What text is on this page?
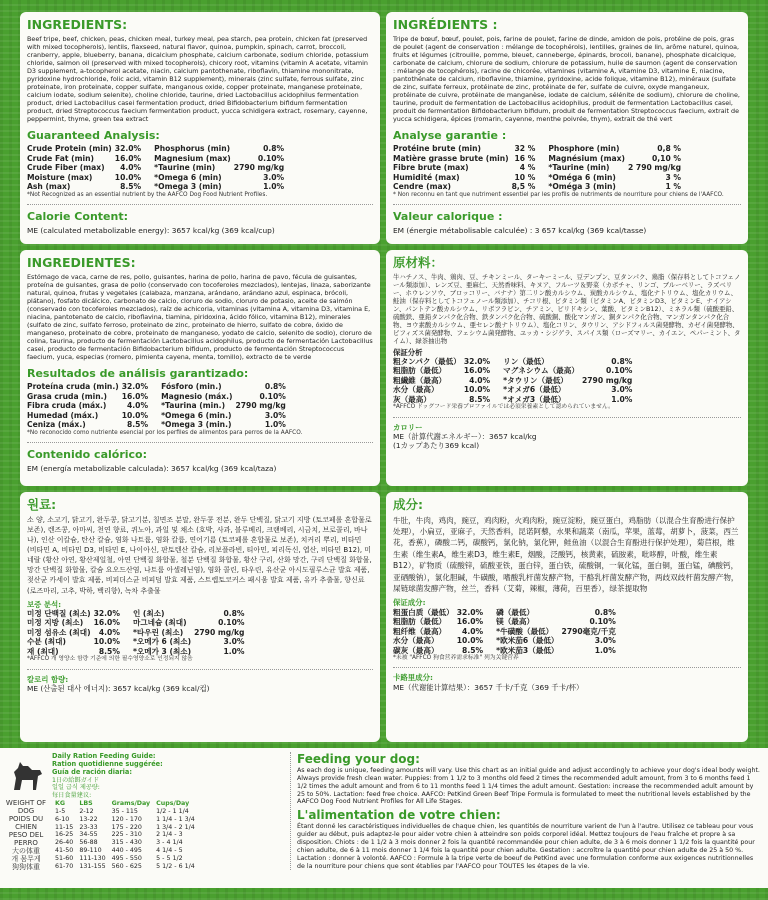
INGREDIENTS:
Beef tripe, beef, chicken, peas, chicken meal, turkey meal, pea starch, pea protein, chicken fat (preserved with mixed tocopherols), lentils, flaxseed, natural flavor, quinoa, pumpkin, spinach, carrot, broccoli, cranberry, apple, blueberry, banana, dicalcium phosphate, calcium carbonate, sodium chloride, potassium chloride, salmon oil (preserved with mixed tocopherols), chicory root, vitamins (vitamin A acetate, vitamin D3 supplement, a-tocopherol acetate, niacin, calcium pantothenate, riboflavin, thiamine mononitrate, pyridoxine hydrochloride, folic acid, vitamin B12 supplement), minerals (zinc sulfate, ferrous sulfate, zinc proteinate, iron proteinate, copper sulfate, manganous oxide, copper proteinate, manganese proteinate, calcium iodate, sodium selenite), choline chloride, taurine, dried Lactobacillus acidophilus fermentation product, dried Lactobacillus casei fermentation product, dried Bifidobacterium bifidum fermentation product, dried Streptococcus faecium fermentation product, yucca schidigera extract, rosemary, cayenne, peppermint, thyme, green tea extract
Guaranteed Analysis:
Crude Protein (min)	32.0%
Crude Fat (min)	16.0%
Crude Fiber (max)	4.0%
Moisture (max)	10.0%
Ash (max)	8.5%
Phosphorus (min)	0.8%
Magnesium (max)	0.10%
*Taurine (min)	2790 mg/kg
*Omega 6 (min)	3.0%
*Omega 3 (min)	1.0%
*Not Recognized as an essential nutrient by the AAFCO Dog Food Nutrient Profiles.
Calorie Content:
ME (calculated metabolizable energy): 3657 kcal/kg (369 kcal/cup)
INGRÉDIENTS :
Tripe de bœuf, bœuf, poulet, pois, farine de poulet, farine de dinde, amidon de pois, protéine de pois, gras de poulet (agent de conservation : mélange de tocophérols), lentilles, graines de lin, arôme naturel, quinoa, fruits et légumes (citrouille, pomme, bleuet, canneberge, épinards, brocoli, banane), phosphate dicalcique, carbonate de calcium, chlorure de sodium, chlorure de potassium, huile de saumon (agent de conservation : mélange de tocophérols), racine de chicorée, vitamines (vitamine A, vitamine D3, vitamine E, niacine, pantothénate de calcium, riboflavine, thiamine, pyridoxine, acide folique, vitamine B12), minéraux (sulfate de zinc, sulfate ferreux, protéinate de zinc, protéinate de fer, sulfate de cuivre, oxyde manganeux, protéinate de cuivre, protéinate de manganèse, iodate de calcium, sélénite de sodium), chlorure de choline, taurine, produit de fermentation de Lactobacillus acidophilus, produit de fermentation Lactobacillus casei, produit de fermentation Bifidobacterium bifidum, produit de fermentation Streptococcus faecium, extrait de yucca schidigera, épices (romarin, cayenne, menthe poivrée, thym), extrait de thé vert
Analyse garantie :
Protéine brute (min)	32 %
Matière grasse brute (min)	16 %
Fibre brute (max)	4 %
Humidité (max)	10 %
Cendre (max)	8,5 %
Phosphore (min)	0,8 %
Magnésium (max)	0,10 %
*Taurine (min)	2 790 mg/kg
*Oméga 6 (min)	3 %
*Oméga 3 (min)	1 %
* Non reconnu en tant que nutriment essentiel par les profils de nutriments de nourriture pour chiens de l'AAFCO.
Valeur calorique :
EM (énergie métabolisable calculée) : 3 657 kcal/kg (369 kcal/tasse)
INGREDIENTES:
Estómago de vaca, carne de res, pollo, guisantes, harina de pollo, harina de pavo, fécula de guisantes, proteína de guisantes, grasa de pollo (conservado con tocoferoles mezclados), lentejas, linaza, saborizante natural, quinoa, frutas y vegetales (calabaza, manzana, arándano, arándano azul, espinaca, brócoli, plátano), fosfato dicálcico, carbonato de calcio, cloruro de sodio, cloruro de potasio, aceite de salmón (conservado con tocoferoles mezclados), raíz de achicoria, vitaminas (vitamina A, vitamina D3, vitamina E, niacina, pantotenato de calcio, riboflavina, tiamina, piridoxina, ácido fólico, vitamina B12), minerales (sulfato de zinc, sulfato ferroso, proteinato de zinc, proteinato de hierro, sulfato de cobre, óxido de manganeso, proteinato de cobre, proteinato de manganeso, yodato de calcio, selenito de sodio), cloruro de colina, taurina, producto de fermentación Lactobacillus acidophilus, producto de fermentación Lactobacillus casei, producto de fermentación Bifidobacterium bifidum, producto de fermentación Streptococcus faecium, yuca, especias (romero, pimienta cayena, menta, tomillo), extracto de te verde
Resultados de análisis garantizado:
Proteína cruda (min.)	32.0%
Grasa cruda (min.)	16.0%
Fibra cruda (máx.)	4.0%
Humedad (máx.)	10.0%
Ceniza (máx.)	8.5%
Fósforo (min.)	0.8%
Magnesio (máx.)	0.10%
*Taurina (min.)	2790 mg/kg
*Omega 6 (min.)	3.0%
*Omega 3 (min.)	1.0%
*No reconocido como nutriente esencial por los perfiles de alimentos para perros de la AAFCO.
Contenido calórico:
EM (energía metabolizable calculada): 3657 kcal/kg (369 kcal/taza)
原材料：
牛ハチノス、牛肉、鶏肉、豆、チキンミール、ターキーミール、豆デンプン、豆タンパク、鶏脂（保存料としてトコフェノール類添加）、レンズ豆、亜麻仁、天然香味料、キヌア、フルーツ＆野菜（カボチャ、リンゴ、ブルーベリー、ラズベリー、ホウレンソウ、ブロッコリー、バナナ）第二リン酸カルシウム、炭酸カルシウム、塩化ナトリウム、塩化カリウム、鮭油（保存料としてトコフェノール類添加）、チコリ根、ビタミン類（ビタミンA、ビタミンD3、ビタミンE、ナイアシン、パントテン酸カルシウム、リボフラビン、チアミン、ピリドキシン、葉酸、ビタミンB12）、ミネラル類（硫酸亜鉛、硫酸鉄、亜鉛タンパク化合物、鉄タンパク化合物、硫酸銅、酸化マンガン、銅タンパク化合物、マンガンタンパク化合物、ヨウ素酸カルシウム、亜セレン酸ナトリウム）、塩化コリン、タウリン、アシドフィルス菌発酵物、カゼイ菌発酵物、ビフィズス菌発酵物、フェシウム菌発酵物、ユッカ・シジゲラ、スパイス類（ローズマリー、カイエン、ペパーミント、タイム）、緑茶抽出物
保証分析
粗タンパク（最低）	32.0%
粗脂肪（最低）	16.0%
粗繊維（最高）	4.0%
水分（最高）	10.0%
灰（最高）	8.5%
リン（最低）	0.8%
マグネシウム（最高）	0.10%
*タウリン（最低）	2790 mg/kg
*オメガ6（最低）	3.0%
*オメガ3（最低）	1.0%
*AFFCO ドッグフード栄養プロファイルでは必須栄養素として認められていません。
カロリー
ME（計算代謝エネルギー）：3657 kcal/kg
(1カップあたり369 kcal)
원료:
소 양, 소고기, 닭고기, 완두콩, 닭고기분, 칠면조 분말, 완두콩 전분, 완두 단백질, 닭고기 지방 (토코페롤 혼합물로 보존), 렌즈콩, 아마씨, 천연 향료, 퀴노아, 과일 및 채소 (호박, 사과, 블루베리, 크랜베리, 시금치, 브로콜리, 바나나), 인산 이칼슘, 탄산 칼슘, 염화 나트륨, 염화 칼륨, 연어기름 (토코페롤 혼합물로 보존), 치커리 뿌리, 비타민 (비타민 A, 비타민 D3, 비타민 E, 나이아신, 판토텐산 칼슘, 리보플라빈, 티아민, 피리독신, 엽산, 비타민 B12), 미네랄 (황산 아연, 황산제일철, 아연 단백질 화합물, 철분 단백질 화합물, 황산 구리, 산화 망간, 구리 단백질 화합물, 망간 단백질 화합물, 칼슘 요오드산염, 나트륨 아셀레닌염), 염화 콜린, 타우린, 유산균 아시도필루스균 발효 제품, 젖산균 카세이 발효 제품, 비피더스균 비피덤 발효 제품, 스트렙토코커스 패시움 발효 제품, 유카 추출물, 향신료 (로즈마리, 고추, 박하, 백리향), 녹차 추출물
보증 분석:
미정 단백질 (최소)	32.0%
미정 지방 (최소)	16.0%
미정 섬유소 (최대)	4.0%
수분 (최대)	10.0%
재 (최대)	8.5%
인 (최소)	0.8%
마그네슘 (최대)	0.10%
*타우린 (최소)	2790 mg/kg
*오메가 6 (최소)	3.0%
*오메가 3 (최소)	1.0%
*AFFCO 개 영양소 함량 기준에 의한 필수영양소로 인정되지 않음
칼로리 함량:
ME (산출된 대사 에너지): 3657 kcal/kg (369 kcal/컵)
成分:
牛肚，牛肉，鸡肉，豌豆，鸡肉粉，火鸡肉粉，豌豆淀粉，豌豆蛋白，鸡脂肪（以混合生育酚进行保护处理），小扁豆，亚麻子，天然香料，昆诺阿藜，水果和蔬菜（南瓜，苹果，蓝莓，胡萝卜，菠菜，西兰花，香蕉），磷酸二钙，碳酸钙，氯化钠，氯化钾，鲑鱼油（以混合生育酚进行保护处理），菊苣根，维生素（维生素A，维生素D3，维生素E，烟酸，泛酸钙，核黄素，硫胺素，吡哆醇，叶酸，维生素B12），矿物质（硫酸锌，硫酸亚铁，蛋白锌，蛋白铁，硫酸铜，一氧化锰，蛋白铜，蛋白锰，碘酸钙，亚硒酸钠），氯化胆碱，牛磺酸，嗜酸乳杆菌发酵产物，干酪乳杆菌发酵产物，两歧双歧杆菌发酵产物，屎链球菌发酵产物，丝兰，香料（艾菊，辣椒，薄荷，百里香），绿茶提取物
保证成分:
粗蛋白质（最低）	32.0%
粗脂肪（最低）	16.0%
粗纤维（最高）	4.0%
水分（最高）	10.0%
碳灰（最高）	8.5%
磷（最低）	0.8%
镁（最高）	0.10%
*牛磺酸（最低）	2790毫克/千克
*欧米茄6（最低）	3.0%
*欧米茄3（最低）	1.0%
*未被 "AFFCO 狗食营养需求标准" 列为关键营养
卡路里成分:
ME（代谢能计算结果）：3657 千卡/千克（369 千卡/杯）
WEIGHT OF DOG
POIDS DU CHIEN
PESO DEL PERRO
大の体重
개 몸무게
狗狗体重
Daily Ration Feeding Guide:
Ration quotidienne suggérée:
Guía de ración diaria:
1日の給餌ガイド
일일 급식 제공량:
每日食量建议:
KG	LBS	Grams/Day	Cups/Day
1-5	2-12	35 - 115	1/2 - 1 1/4
6-10	13-22	120 - 170	1 1/4 - 1 3/4
11-15	23-33	175 - 220	1 3/4 - 2 1/4
16-25	34-55	225 - 310	2 1/4 - 3
26-40	56-88	315 - 430	3 - 4 1/4
41-50	89-110	440 - 495	4 1/4 - 5
51-60	111-130	495 - 550	5 - 5 1/2
61-70	131-155	560 - 625	5 1/2 - 6 1/4
Feeding your dog:
As each dog is unique, feeding amounts will vary. Use this chart as an initial guide and adjust accordingly to achieve your dog's ideal body weight. Always provide fresh clean water. Puppies: from 1 1/2 to 3 months old feed 2 times the recommended adult amount, from 3 to 6 months feed 1 1/2 times the adult amount and from 6 to 11 months feed 1 1/4 times the adult amount. Gestation: increase the recommended adult amount by 25 to 50%. Lactation: feed free choice. AAFCO: PetKind Green Beef Tripe Formula is formulated to meet the nutritional levels established by the AAFCO Dog Food Nutrient Profiles for All Life Stages.
L'alimentation de votre chien:
Étant donné les caractéristiques individuelles de chaque chien, les quantités de nourriture varient de l'un à l'autre. Utilisez ce tableau pour vous guider au début, puis adaptez-le pour aider votre chien à atteindre son poids corporel idéal. Mettez toujours de l'eau fraîche et propre à sa disposition. Chiots : de 1 1/2 à 3 mois donner 2 fois la quantité recommandée pour chien adulte, de 3 à 6 mois donner 1 1/2 fois la quantité pour chien adulte, de 6 à 11 mois donner 1 1/4 fois la quantité pour chien adulte. Gestation : accroître la quantité pour chien adulte de 25 à 50 %. Lactation : donner à volonté. AAFCO : Formule à la tripe verte de boeuf de PetKind avec une formulation conforme aux exigences nutritionnelles de la nourriture pour chiens que sont établies par l'AAFCO pour TOUTES les étapes de la vie.
